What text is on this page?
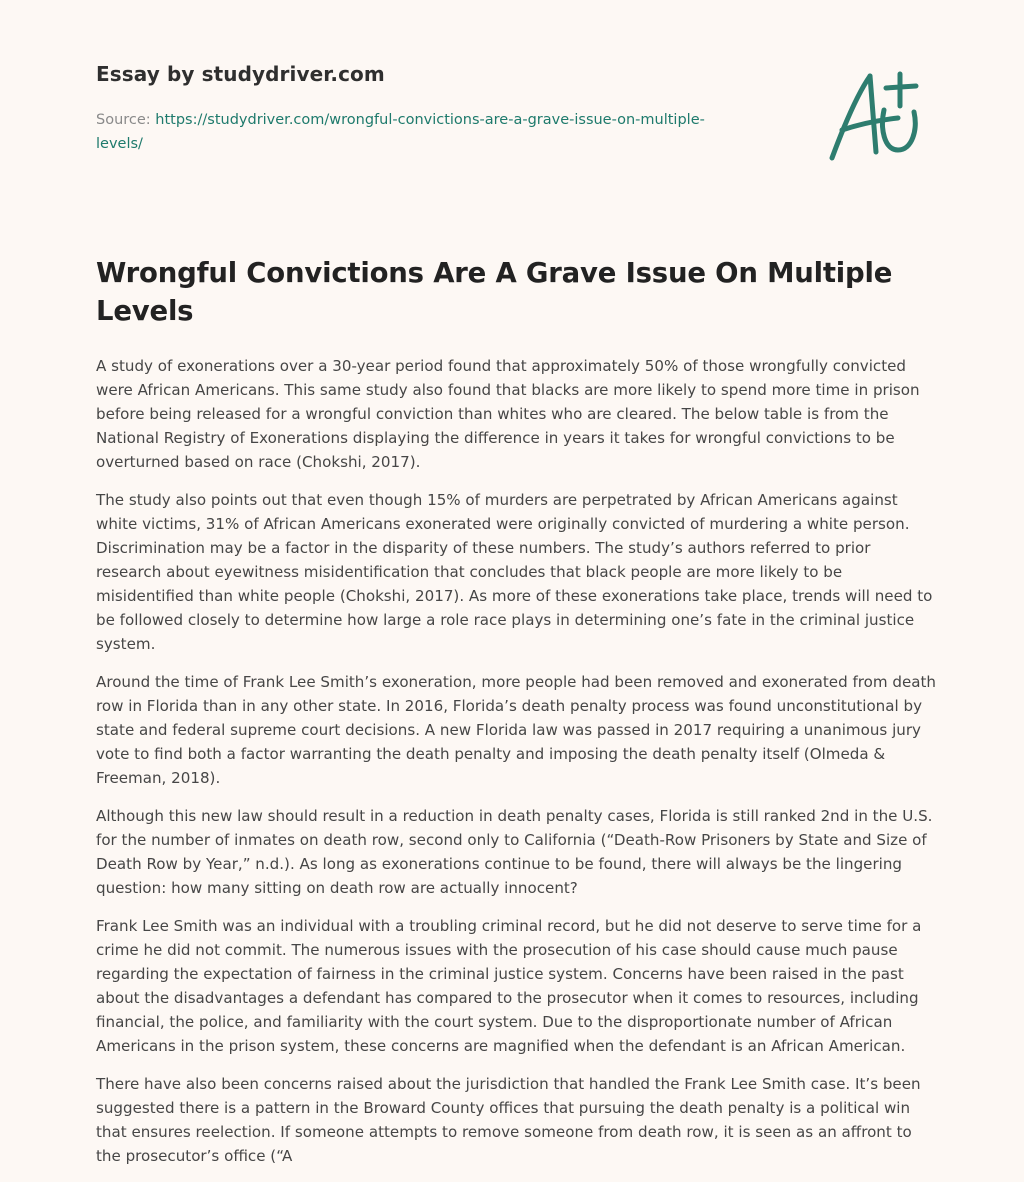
Essay by studydriver.com

Source: https://studydriver.com/wrongful-convictions-are-a-grave-issue-on-multiple-
levels/

Wrongful Convictions Are A Grave Issue On Multiple Levels

A study of exonerations over a 30-year period found that approximately 50% of those wrongfully convicted were African Americans. This same study also found that blacks are more likely to spend more time in prison before being released for a wrongful conviction than whites who are cleared. The below table is from the National Registry of Exonerations displaying the difference in years it takes for wrongful convictions to be overturned based on race (Chokshi, 2017).

The study also points out that even though 15% of murders are perpetrated by African Americans against white victims, 31% of African Americans exonerated were originally convicted of murdering a white person. Discrimination may be a factor in the disparity of these numbers. The study’s authors referred to prior research about eyewitness misidentification that concludes that black people are more likely to be misidentified than white people (Chokshi, 2017). As more of these exonerations take place, trends will need to be followed closely to determine how large a role race plays in determining one’s fate in the criminal justice system.

Around the time of Frank Lee Smith’s exoneration, more people had been removed and exonerated from death row in Florida than in any other state. In 2016, Florida’s death penalty process was found unconstitutional by state and federal supreme court decisions. A new Florida law was passed in 2017 requiring a unanimous jury vote to find both a factor warranting the death penalty and imposing the death penalty itself (Olmeda & Freeman, 2018).

Although this new law should result in a reduction in death penalty cases, Florida is still ranked 2nd in the U.S. for the number of inmates on death row, second only to California (“Death-Row Prisoners by State and Size of Death Row by Year,” n.d.). As long as exonerations continue to be found, there will always be the lingering question: how many sitting on death row are actually innocent?

Frank Lee Smith was an individual with a troubling criminal record, but he did not deserve to serve time for a crime he did not commit. The numerous issues with the prosecution of his case should cause much pause regarding the expectation of fairness in the criminal justice system. Concerns have been raised in the past about the disadvantages a defendant has compared to the prosecutor when it comes to resources, including financial, the police, and familiarity with the court system. Due to the disproportionate number of African Americans in the prison system, these concerns are magnified when the defendant is an African American.

There have also been concerns raised about the jurisdiction that handled the Frank Lee Smith case. It’s been suggested there is a pattern in the Broward County offices that pursuing the death penalty is a political win that ensures reelection. If someone attempts to remove someone from death row, it is seen as an affront to the prosecutor’s office (“A
